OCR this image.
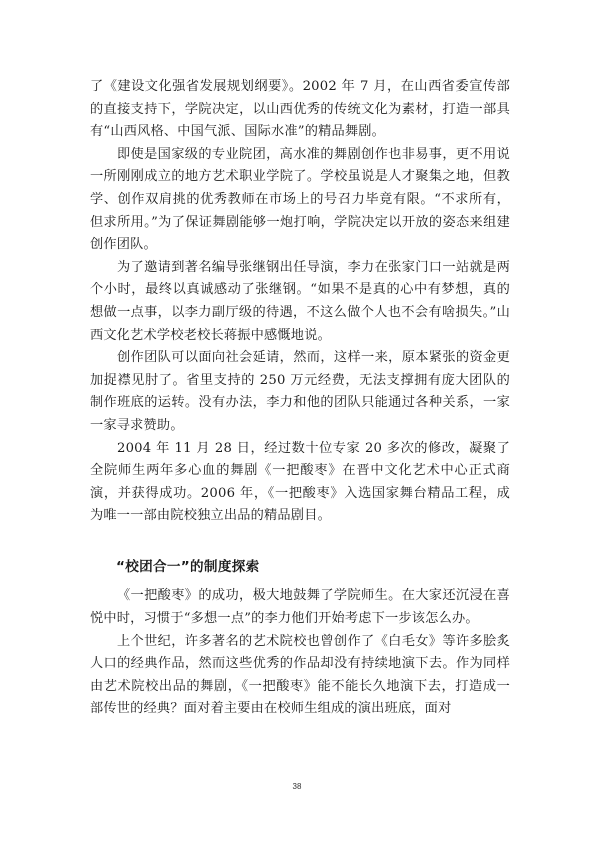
了《建设文化强省发展规划纲要》。2002 年 7 月，在山西省委宣传部的直接支持下，学院决定，以山西优秀的传统文化为素材，打造一部具有“山西风格、中国气派、国际水准”的精品舞剧。

即使是国家级的专业院团，高水准的舞剧创作也非易事，更不用说一所刚刚成立的地方艺术职业学院了。学校虽说是人才聚集之地，但教学、创作双肩挑的优秀教师在市场上的号召力毕竟有限。“不求所有，但求所用。”为了保证舞剧能够一炮打响，学院决定以开放的姿态来组建创作团队。

为了邀请到著名编导张继钢出任导演，李力在张家门口一站就是两个小时，最终以真诚感动了张继钢。“如果不是真的心中有梦想，真的想做一点事，以李力副厅级的待遇，不这么做个人也不会有啥损失。”山西文化艺术学校老校长蒋振中感慨地说。

创作团队可以面向社会延请，然而，这样一来，原本紧张的资金更加捉襟见肘了。省里支持的 250 万元经费，无法支撑拥有庞大团队的制作班底的运转。没有办法，李力和他的团队只能通过各种关系，一家一家寻求赞助。

2004 年 11 月 28 日，经过数十位专家 20 多次的修改，凝聚了全院师生两年多心血的舞剧《一把酸枣》在晋中文化艺术中心正式商演，并获得成功。2006 年，《一把酸枣》入选国家舞台精品工程，成为唯一一部由院校独立出品的精品剧目。

“校团合一”的制度探索

《一把酸枣》的成功，极大地鼓舞了学院师生。在大家还沉浸在喜悦中时，习惯于“多想一点”的李力他们开始考虑下一步该怎么办。

上个世纪，许多著名的艺术院校也曾创作了《白毛女》等许多脍炙人口的经典作品，然而这些优秀的作品却没有持续地演下去。作为同样由艺术院校出品的舞剧，《一把酸枣》能不能长久地演下去，打造成一部传世的经典？面对着主要由在校师生组成的演出班底，面对

38
